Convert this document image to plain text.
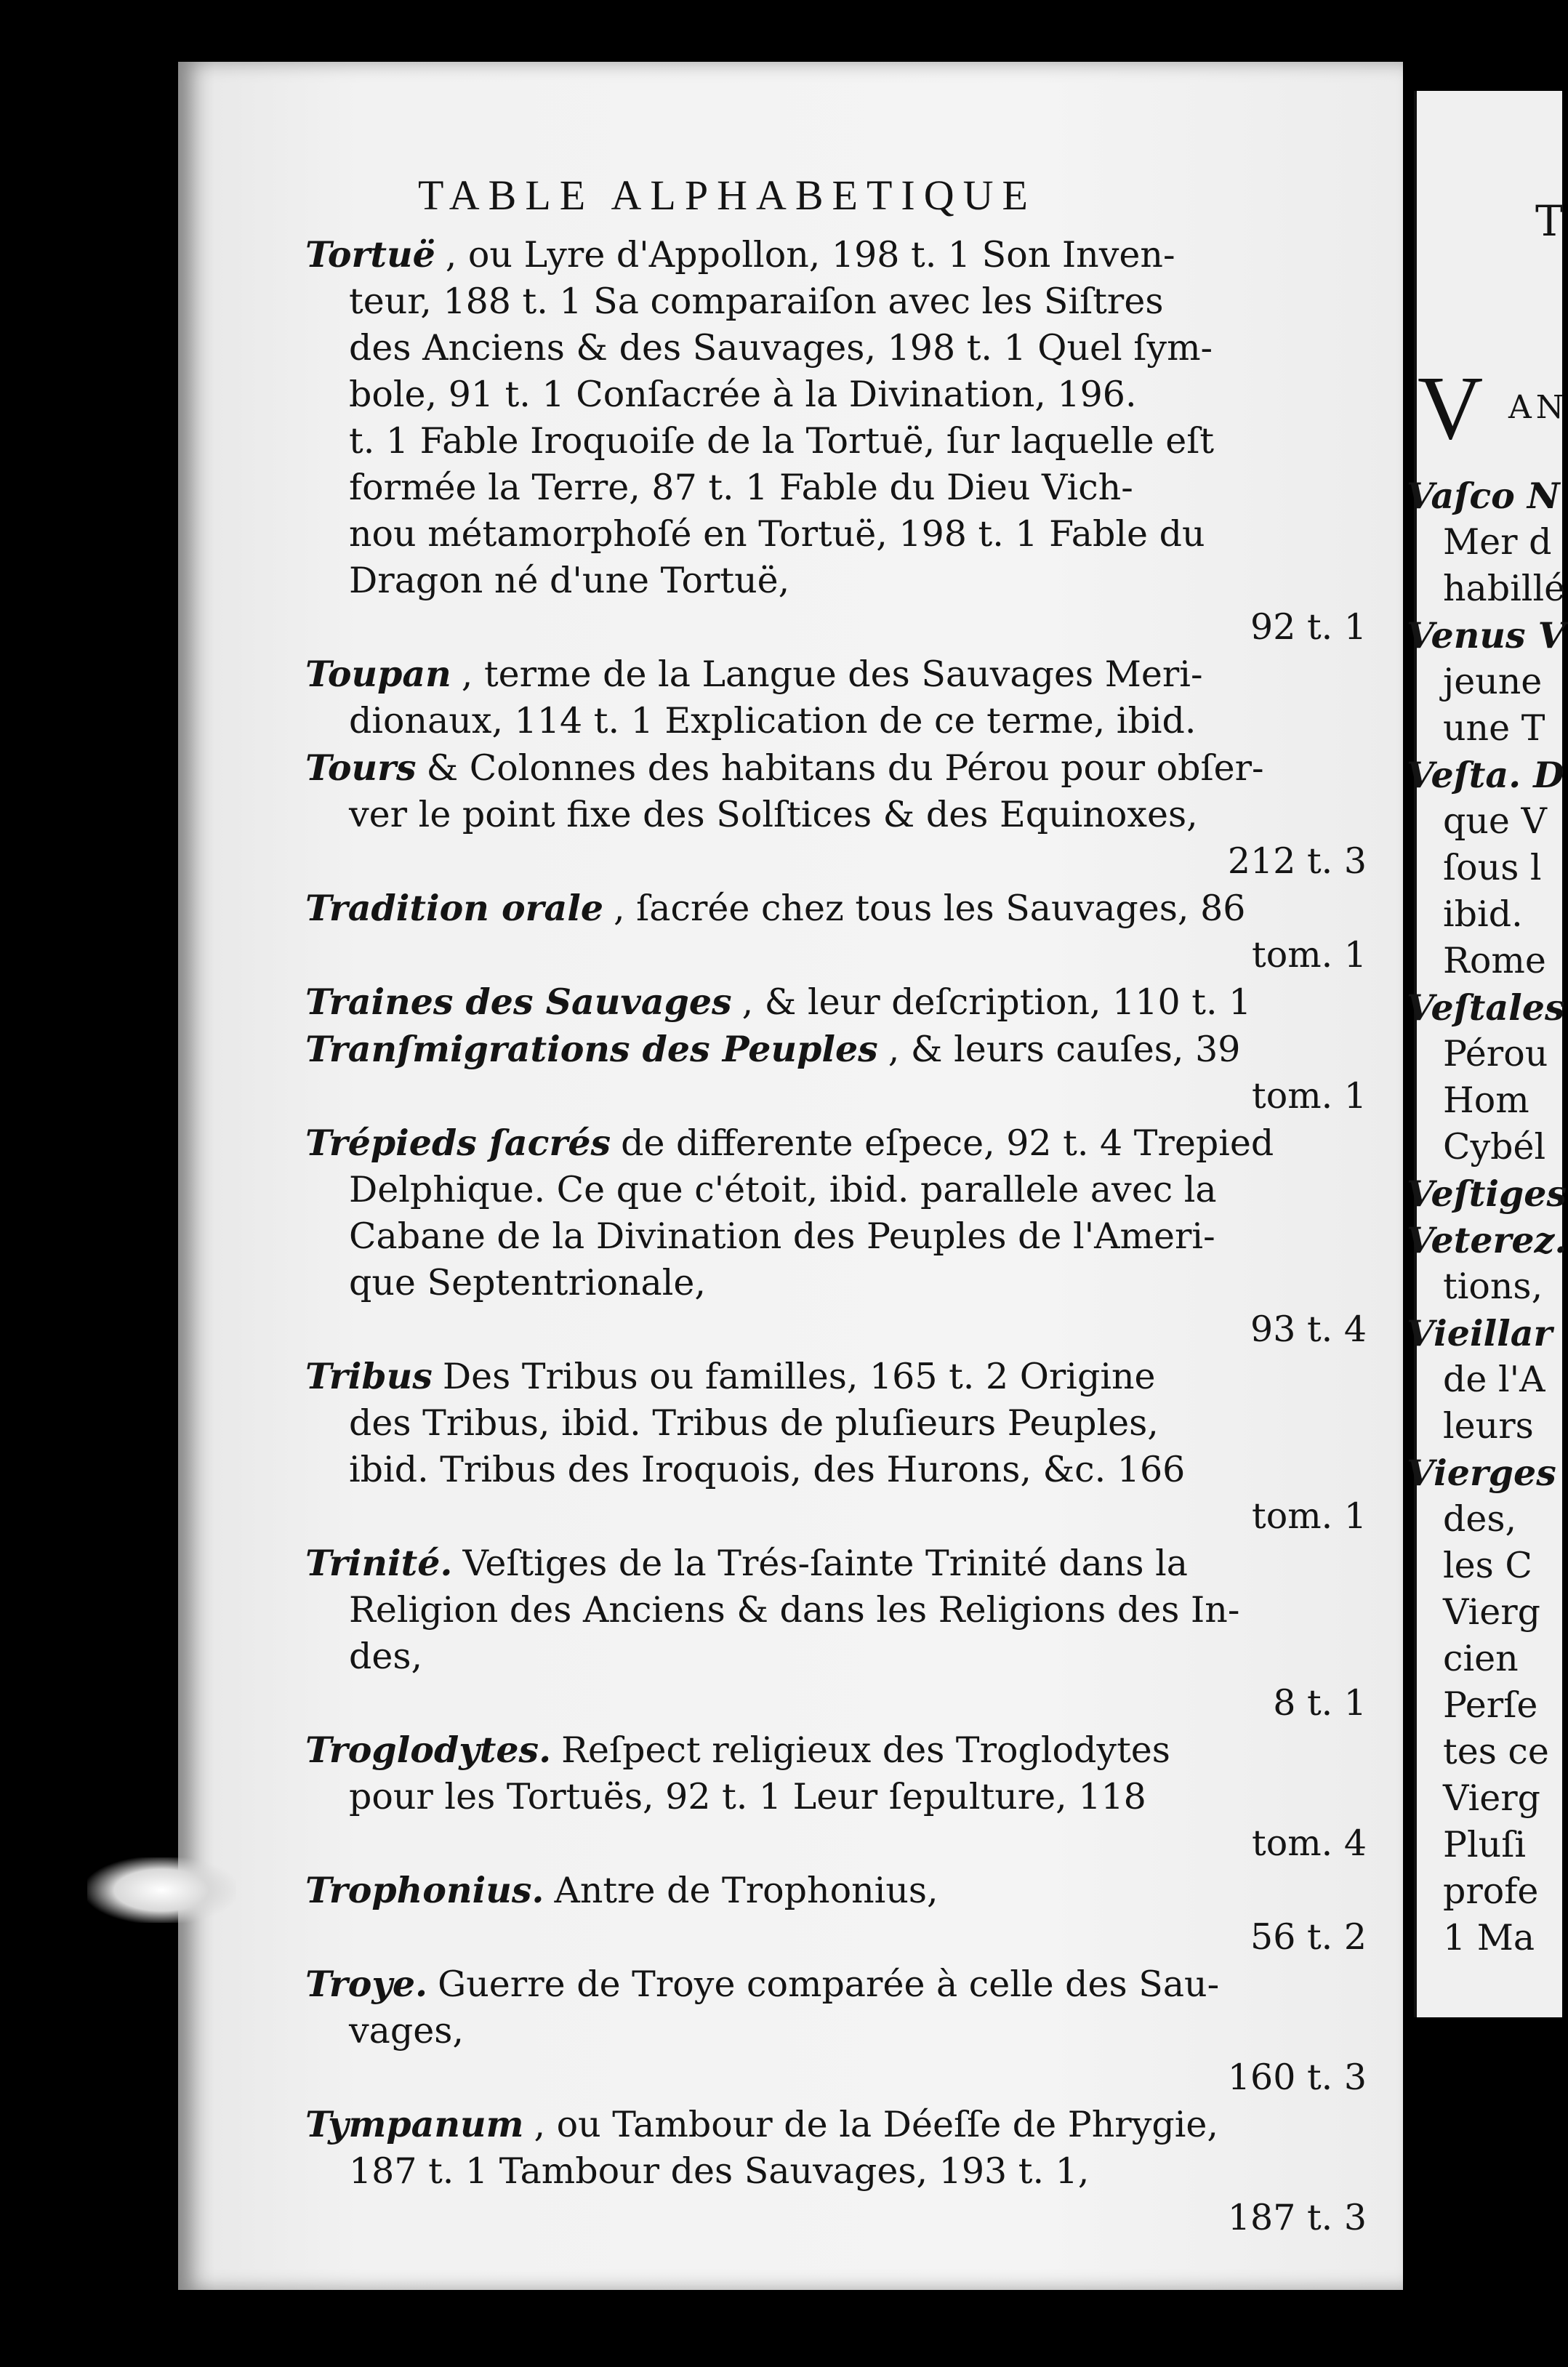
TABLE ALPHABETIQUE
Tortuë , ou Lyre d'Appollon, 198 t. 1 Son Inven-
teur, 188 t. 1 Sa comparaiſon avec les Siſtres
des Anciens & des Sauvages, 198 t. 1 Quel ſym-
bole, 91 t. 1 Conſacrée à la Divination, 196.
t. 1 Fable Iroquoiſe de la Tortuë, ſur laquelle eſt
formée la Terre, 87 t. 1 Fable du Dieu Vich-
nou métamorphoſé en Tortuë, 198 t. 1 Fable du
Dragon né d'une Tortuë,
92 t. 1
Toupan , terme de la Langue des Sauvages Meri-
dionaux, 114 t. 1 Explication de ce terme, ibid.
Tours & Colonnes des habitans du Pérou pour obſer-
ver le point fixe des Solſtices & des Equinoxes,
212 t. 3
Tradition orale , ſacrée chez tous les Sauvages, 86
tom. 1
Traines des Sauvages , & leur deſcription, 110 t. 1
Tranſmigrations des Peuples , & leurs cauſes, 39
tom. 1
Trépieds ſacrés de differente eſpece, 92 t. 4 Trepied
Delphique. Ce que c'étoit, ibid. parallele avec la
Cabane de la Divination des Peuples de l'Ameri-
que Septentrionale,
93 t. 4
Tribus Des Tribus ou familles, 165 t. 2 Origine
des Tribus, ibid. Tribus de pluſieurs Peuples,
ibid. Tribus des Iroquois, des Hurons, &c. 166
tom. 1
Trinité. Veſtiges de la Trés-ſainte Trinité dans la
Religion des Anciens & dans les Religions des In-
des,
8 t. 1
Troglodytes. Reſpect religieux des Troglodytes
pour les Tortuës, 92 t. 1 Leur ſepulture, 118
tom. 4
Trophonius. Antre de Trophonius,
56 t. 2
Troye. Guerre de Troye comparée à celle des Sau-
vages,
160 t. 3
Tympanum , ou Tambour de la Déeſſe de Phrygie,
187 t. 1 Tambour des Sauvages, 193 t. 1,
187 t. 3
T
V AN
Vaſco N
Mer d
habillé
Venus V
jeune
une T
Veſta. D
que V
ſous l
ibid.
Rome
Veſtales
Pérou
Hom
Cybél
Veſtiges
Veterez.
tions,
Vieillar
de l'A
leurs
Vierges
des,
les C
Vierg
cien
Perſe
tes ce
Vierg
Pluſi
profe
1 Ma
